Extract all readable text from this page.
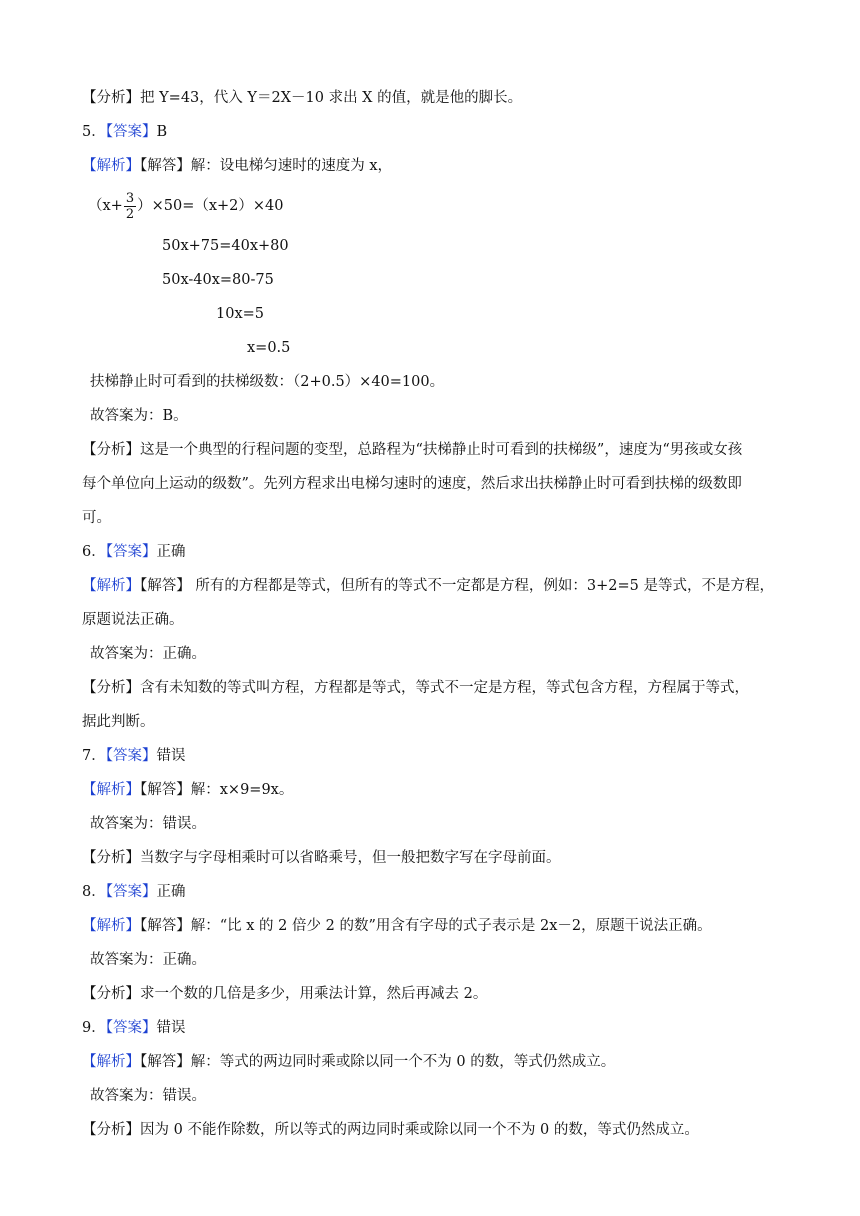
【分析】把 Y=43，代入 Y＝2X－10 求出 X 的值，就是他的脚长。
5．【答案】B
【解析】【解答】解：设电梯匀速时的速度为 x，
$(x+ \frac{3}{2} )\times 50=(x+2)\times 40$
50x+75=40x+80
50x-40x=80-75
10x=5
x=0.5
扶梯静止时可看到的扶梯级数：（2+0.5）×40=100。
故答案为：B。
【分析】这是一个典型的行程问题的变型，总路程为“扶梯静止时可看到的扶梯级”，速度为“男孩或女孩
每个单位向上运动的级数”。先列方程求出电梯匀速时的速度，然后求出扶梯静止时可看到扶梯的级数即
可。
6．【答案】正确
【解析】【解答】 所有的方程都是等式，但所有的等式不一定都是方程，例如：3+2=5 是等式，不是方程，
原题说法正确。
故答案为：正确。
【分析】含有未知数的等式叫方程，方程都是等式，等式不一定是方程，等式包含方程，方程属于等式，
据此判断。
7．【答案】错误
【解析】【解答】解：x×9=9x。
故答案为：错误。
【分析】当数字与字母相乘时可以省略乘号，但一般把数字写在字母前面。
8．【答案】正确
【解析】【解答】解：“比 x 的 2 倍少 2 的数”用含有字母的式子表示是 2x－2，原题干说法正确。
故答案为：正确。
【分析】求一个数的几倍是多少，用乘法计算，然后再减去 2。
9．【答案】错误
【解析】【解答】解：等式的两边同时乘或除以同一个不为 0 的数，等式仍然成立。
故答案为：错误。
【分析】因为 0 不能作除数，所以等式的两边同时乘或除以同一个不为 0 的数，等式仍然成立。
